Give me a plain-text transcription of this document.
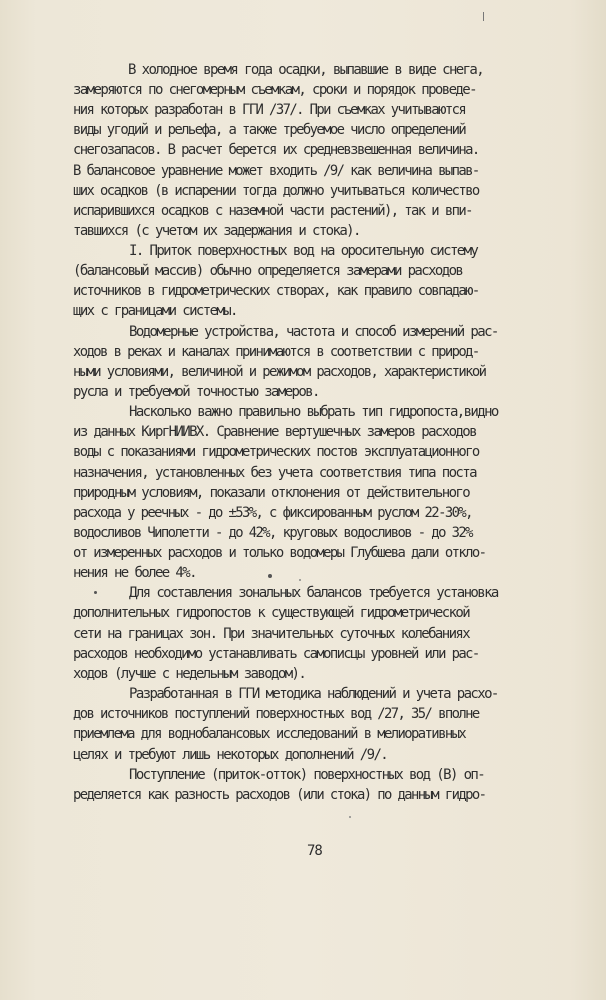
В холодное время года осадки, выпавшие в виде снега,
замеряются по снегомерным съемкам, сроки и порядок проведе-
ния которых разработан в ГГИ /37/. При съемках учитываются
виды угодий и рельефа, а также требуемое число определений
снегозапасов. В расчет берется их средневзвешенная величина.
В балансовое уравнение может входить /9/ как величина выпав-
ших осадков (в испарении тогда должно учитываться количество
испарившихся осадков с наземной части растений), так и впи-
тавшихся (с учетом их задержания и стока).
I. Приток поверхностных вод на оросительную систему
(балансовый массив) обычно определяется замерами расходов
источников в гидрометрических створах, как правило совпадаю-
щих с границами системы.
Водомерные устройства, частота и способ измерений рас-
ходов в реках и каналах принимаются в соответствии с природ-
ными условиями, величиной и режимом расходов, характеристикой
русла и требуемой точностью замеров.
Насколько важно правильно выбрать тип гидропоста,видно
из данных КиргНИИВХ. Сравнение вертушечных замеров расходов
воды с показаниями гидрометрических постов эксплуатационного
назначения, установленных без учета соответствия типа поста
природным условиям, показали отклонения от действительного
расхода у реечных - до ±53%, с фиксированным руслом 22-30%,
водосливов Чиполетти - до 42%, круговых водосливов - до 32%
от измеренных расходов и только водомеры Глубшева дали откло-
нения не более 4%.
Для составления зональных балансов требуется установка
дополнительных гидропостов к существующей гидрометрической
сети на границах зон. При значительных суточных колебаниях
расходов необходимо устанавливать самописцы уровней или рас-
ходов (лучше с недельным заводом).
Разработанная в ГГИ методика наблюдений и учета расхо-
дов источников поступлений поверхностных вод /27, 35/ вполне
приемлема для воднобалансовых исследований в мелиоративных
целях и требуют лишь некоторых дополнений /9/.
Поступление (приток-отток) поверхностных вод (B) оп-
ределяется как разность расходов (или стока) по данным гидро-
78
